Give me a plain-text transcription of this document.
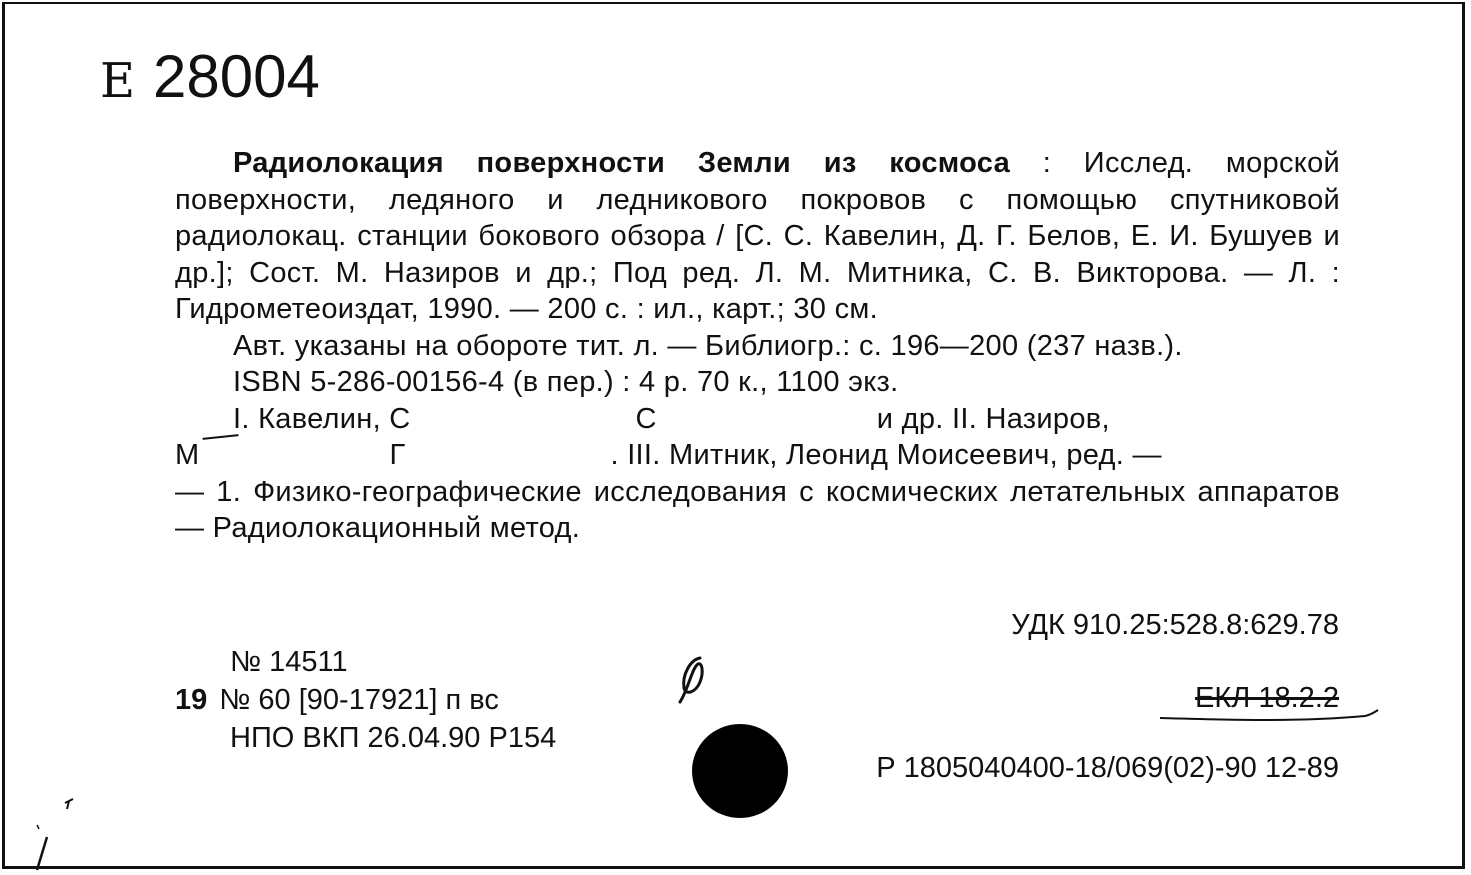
Е 28004

Радиолокация поверхности Земли из космоса : Исслед. морской поверхности, ледяного и ледникового покровов с помощью спутниковой радиолокац. станции бокового обзора / [С. С. Кавелин, Д. Г. Белов, Е. И. Бушуев и др.]; Сост. М. Назиров и др.; Под ред. Л. М. Митника, С. В. Викторова. — Л. : Гидрометеоиздат, 1990. — 200 с. : ил., карт.; 30 см.

Авт. указаны на обороте тит. л. — Библиогр.: с. 196—200 (237 назв.).

ISBN 5-286-00156-4 (в пер.) : 4 р. 70 к., 1100 экз.

I. Кавелин, С	С	и др. II. Назиров,

М	Г	. III. Митник, Леонид Моисеевич, ред. —

— 1. Физико-географические исследования с космических летательных аппаратов — Радиолокационный метод.

УДК 910.25:528.8:629.78
№ 14511
19 № 60 [90-17921] п вс
НПО ВКП 26.04.90 Р154
ЕКЛ 18.2.2
Р 1805040400-18/069(02)-90 12-89
